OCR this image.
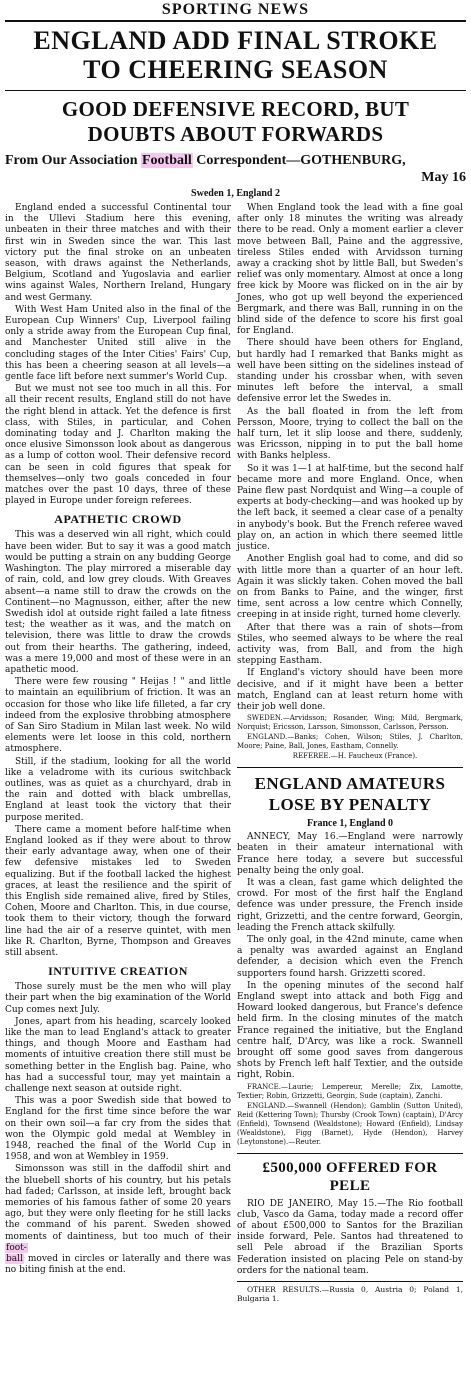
SPORTING NEWS
ENGLAND ADD FINAL STROKE
TO CHEERING SEASON
GOOD DEFENSIVE RECORD, BUT
DOUBTS ABOUT FORWARDS
From Our Association Football Correspondent—GOTHENBURG,
May 16
Sweden 1, England 2

England ended a successful Continental tour in the Ullevi Stadium here this evening, unbeaten in their three matches and with their first win in Sweden since the war. This last victory put the final stroke on an unbeaten season, with draws against the Netherlands, Belgium, Scotland and Yugoslavia and earlier wins against Wales, Northern Ireland, Hungary and west Germany.

With West Ham United also in the final of the European Cup Winners' Cup, Liverpool failing only a stride away from the European Cup final, and Manchester United still alive in the concluding stages of the Inter Cities' Fairs' Cup, this has been a cheering season at all levels—a gentle face lift before next summer's World Cup.

But we must not see too much in all this. For all their recent results, England still do not have the right blend in attack. Yet the defence is first class, with Stiles, in particular, and Cohen dominating today and J. Charlton making the once elusive Simonsson look about as dangerous as a lump of cotton wool. Their defensive record can be seen in cold figures that speak for themselves—only two goals conceded in four matches over the past 10 days, three of these played in Europe under foreign referees.

APATHETIC CROWD

This was a deserved win all right, which could have been wider. But to say it was a good match would be putting a strain on any budding George Washington. The play mirrored a miserable day of rain, cold, and low grey clouds. With Greaves absent—a name still to draw the crowds on the Continent—no Magnusson, either, after the new Swedish idol at outside right failed a late fitness test; the weather as it was, and the match on television, there was little to draw the crowds out from their hearths. The gathering, indeed, was a mere 19,000 and most of these were in an apathetic mood.

There were few rousing " Heijas ! " and little to maintain an equilibrium of friction. It was an occasion for those who like life filleted, a far cry indeed from the explosive throbbing atmosphere of San Siro Stadium in Milan last week. No wild elements were let loose in this cold, northern atmosphere.

Still, if the stadium, looking for all the world like a veladrome with its curious switchback outlines, was as quiet as a churchyard, drab in the rain and dotted with black umbrellas, England at least took the victory that their purpose merited.

There came a moment before half-time when England looked as if they were about to throw their early advantage away, when one of their few defensive mistakes led to Sweden equalizing. But if the football lacked the highest graces, at least the resilience and the spirit of this English side remained alive, fired by Stiles, Cohen, Moore and Charlton. This, in due course, took them to their victory, though the forward line had the air of a reserve quintet, with men like R. Charlton, Byrne, Thompson and Greaves still absent.

INTUITIVE CREATION

Those surely must be the men who will play their part when the big examination of the World Cup comes next July.

Jones, apart from his heading, scarcely looked like the man to lead England's attack to greater things, and though Moore and Eastham had moments of intuitive creation there still must be something better in the English bag. Paine, who has had a successful tour, may yet maintain a challenge next season at outside right.

This was a poor Swedish side that bowed to England for the first time since before the war on their own soil—a far cry from the sides that won the Olympic gold medal at Wembley in 1948, reached the final of the World Cup in 1958, and won at Wembley in 1959.

Simonsson was still in the daffodil shirt and the bluebell shorts of his country, but his petals had faded; Carlsson, at inside left, brought back memories of his famous father of some 20 years ago, but they were only fleeting for he still lacks the command of his parent. Sweden showed moments of daintiness, but too much of their foot-
ball moved in circles or laterally and there was no biting finish at the end.

When England took the lead with a fine goal after only 18 minutes the writing was already there to be read. Only a moment earlier a clever move between Ball, Paine and the aggressive, tireless Stiles ended with Arvidsson turning away a cracking shot by little Ball, but Sweden's relief was only momentary. Almost at once a long free kick by Moore was flicked on in the air by Jones, who got up well beyond the experienced Bergmark, and there was Ball, running in on the blind side of the defence to score his first goal for England.

There should have been others for England, but hardly had I remarked that Banks might as well have been sitting on the sidelines instead of standing under his crossbar when, with seven minutes left before the interval, a small defensive error let the Swedes in.

As the ball floated in from the left from Persson, Moore, trying to collect the ball on the half turn, let it slip loose and there, suddenly, was Ericsson, nipping in to put the ball home with Banks helpless.

So it was 1—1 at half-time, but the second half became more and more England. Once, when Paine flew past Nordquist and Wing—a couple of experts at body-checking—and was hooked up by the left back, it seemed a clear case of a penalty in anybody's book. But the French referee waved play on, an action in which there seemed little justice.

Another English goal had to come, and did so with little more than a quarter of an hour left. Again it was slickly taken. Cohen moved the ball on from Banks to Paine, and the winger, first time, sent across a low centre which Connelly, creeping in at inside right, turned home cleverly.

After that there was a rain of shots—from Stiles, who seemed always to be where the real activity was, from Ball, and from the high stepping Eastham.

If England's victory should have been more decisive, and if it might have been a better match, England can at least return home with their job well done.

SWEDEN.—Arvidsson; Rosander, Wing; Mild, Bergmark, Norquist; Ericsson, Larsson, Simonsson, Carlsson, Persson.

ENGLAND.—Banks; Cohen, Wilson; Stiles, J. Charlton, Moore; Paine, Ball, Jones, Eastham, Connelly.

REFEREE.—H. Faucheux (France).

ENGLAND AMATEURS
LOSE BY PENALTY
France 1, England 0

ANNECY, May 16.—England were narrowly beaten in their amateur international with France here today, a severe but successful penalty being the only goal.

It was a clean, fast game which delighted the crowd. For most of the first half the England defence was under pressure, the French inside right, Grizzetti, and the centre forward, Georgin, leading the French attack skilfully.

The only goal, in the 42nd minute, came when a penalty was awarded against an England defender, a decision which even the French supporters found harsh. Grizzetti scored.

In the opening minutes of the second half England swept into attack and both Figg and Howard looked dangerous, but France's defence held firm. In the closing minutes of the match France regained the initiative, but the England centre half, D'Arcy, was like a rock. Swannell brought off some good saves from dangerous shots by French left half Textier, and the outside right, Robin.

FRANCE.—Laurie; Lempereur, Merelle; Zix, Lamotte, Textier; Robin, Grizzetti, Georgin, Sude (captain), Zanchi.

ENGLAND.—Swannell (Hendon); Gamblin (Sutton United), Reid (Kettering Town); Thursby (Crook Town) (captain), D'Arcy (Enfield), Townsend (Wealdstone); Howard (Enfield), Lindsay (Wealdstone), Figg (Barnet), Hyde (Hendon), Harvey (Leytonstone).—Reuter.

£500,000 OFFERED FOR
PELE

RIO DE JANEIRO, May 15.—The Rio football club, Vasco da Gama, today made a record offer of about £500,000 to Santos for the Brazilian inside forward, Pele. Santos had threatened to sell Pele abroad if the Brazilian Sports Federation insisted on placing Pele on stand-by orders for the national team.

OTHER RESULTS.—Russia 0, Austria 0; Poland 1, Bulgaria 1.
